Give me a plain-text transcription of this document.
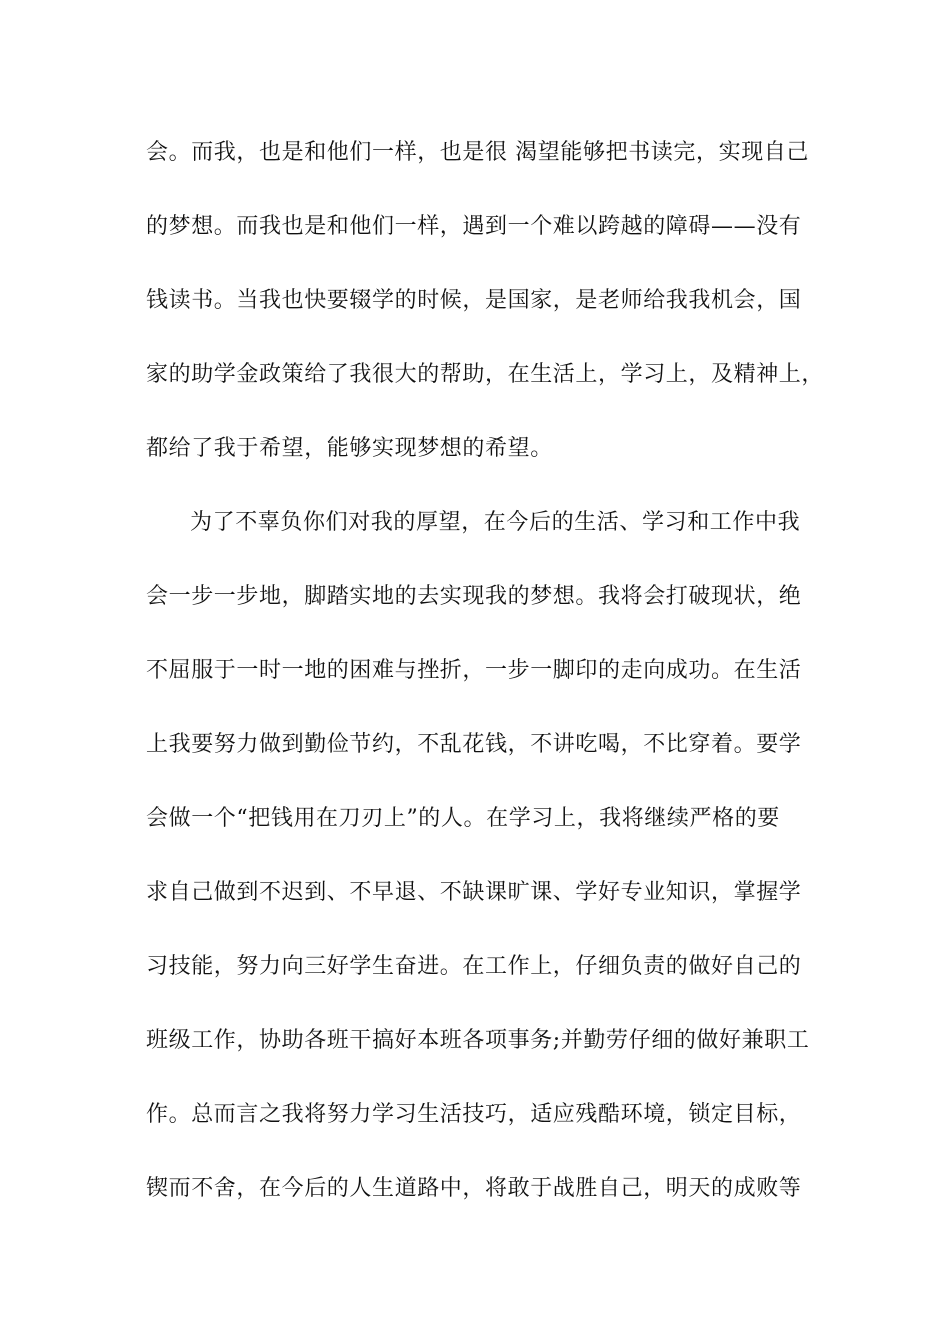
会。而我，也是和他们一样，也是很 渴望能够把书读完，实现自己
的梦想。而我也是和他们一样，遇到一个难以跨越的障碍——没有
钱读书。当我也快要辍学的时候，是国家，是老师给我我机会，国
家的助学金政策给了我很大的帮助，在生活上，学习上，及精神上，
都给了我于希望，能够实现梦想的希望。
为了不辜负你们对我的厚望，在今后的生活、学习和工作中我
会一步一步地，脚踏实地的去实现我的梦想。我将会打破现状，绝
不屈服于一时一地的困难与挫折，一步一脚印的走向成功。在生活
上我要努力做到勤俭节约，不乱花钱，不讲吃喝，不比穿着。要学
会做一个“把钱用在刀刃上”的人。在学习上，我将继续严格的要
求自己做到不迟到、不早退、不缺课旷课、学好专业知识，掌握学
习技能，努力向三好学生奋进。在工作上，仔细负责的做好自己的
班级工作，协助各班干搞好本班各项事务;并勤劳仔细的做好兼职工
作。总而言之我将努力学习生活技巧，适应残酷环境，锁定目标，
锲而不舍，在今后的人生道路中，将敢于战胜自己，明天的成败等
